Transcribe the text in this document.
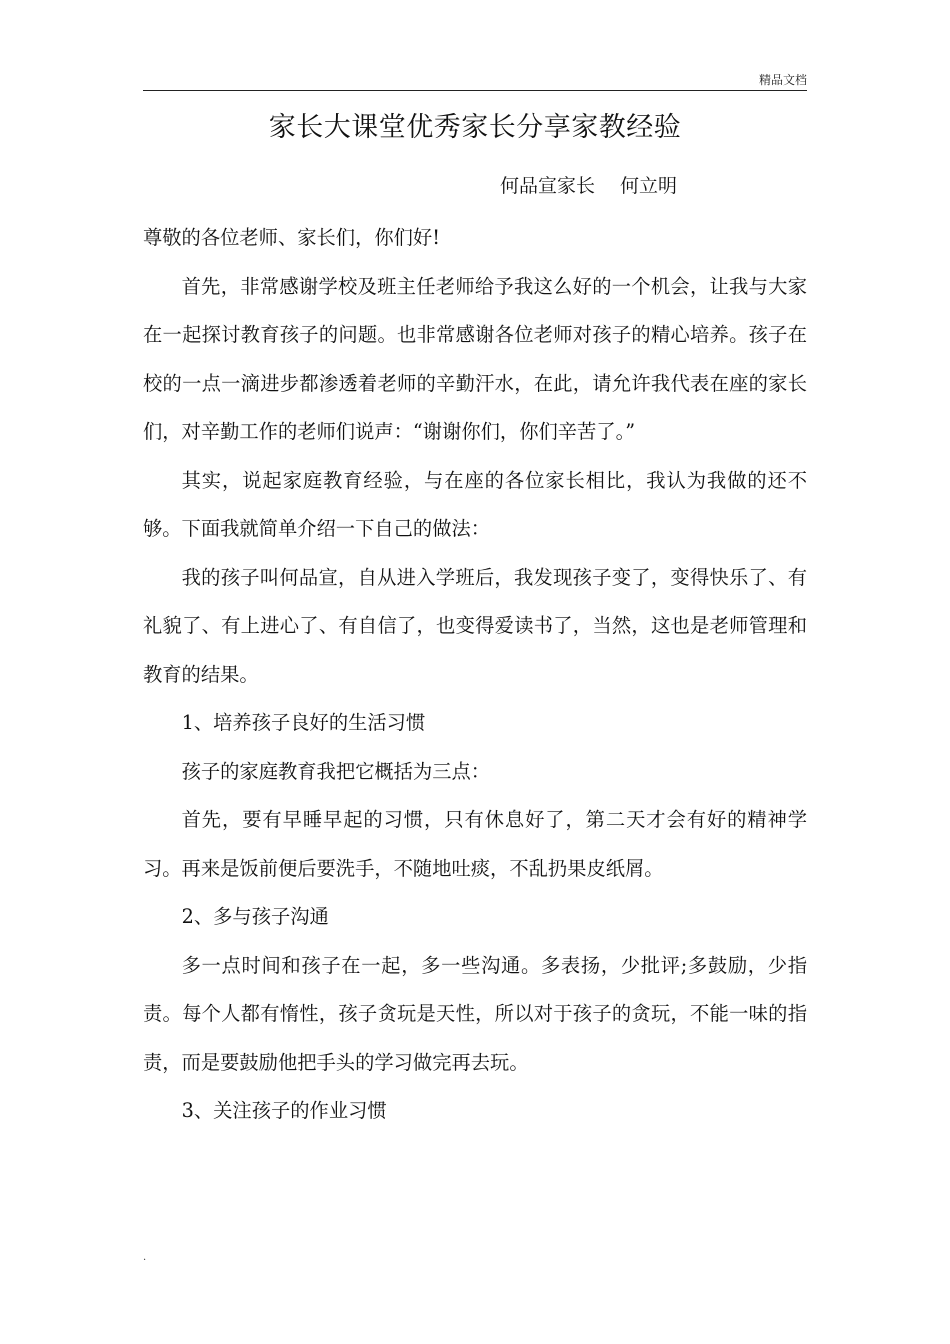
精品文档
家长大课堂优秀家长分享家教经验
何品宣家长　 何立明

尊敬的各位老师、家长们，你们好!

首先，非常感谢学校及班主任老师给予我这么好的一个机会，让我与大家在一起探讨教育孩子的问题。也非常感谢各位老师对孩子的精心培养。孩子在校的一点一滴进步都渗透着老师的辛勤汗水，在此，请允许我代表在座的家长们，对辛勤工作的老师们说声：“谢谢你们，你们辛苦了。”

其实，说起家庭教育经验，与在座的各位家长相比，我认为我做的还不够。下面我就简单介绍一下自己的做法：

我的孩子叫何品宣，自从进入学班后，我发现孩子变了，变得快乐了、有礼貌了、有上进心了、有自信了，也变得爱读书了，当然，这也是老师管理和教育的结果。

1、培养孩子良好的生活习惯

孩子的家庭教育我把它概括为三点：

首先，要有早睡早起的习惯，只有休息好了，第二天才会有好的精神学习。再来是饭前便后要洗手，不随地吐痰，不乱扔果皮纸屑。

2、多与孩子沟通

多一点时间和孩子在一起，多一些沟通。多表扬，少批评;多鼓励，少指责。每个人都有惰性，孩子贪玩是天性，所以对于孩子的贪玩，不能一味的指责，而是要鼓励他把手头的学习做完再去玩。

3、关注孩子的作业习惯

.
